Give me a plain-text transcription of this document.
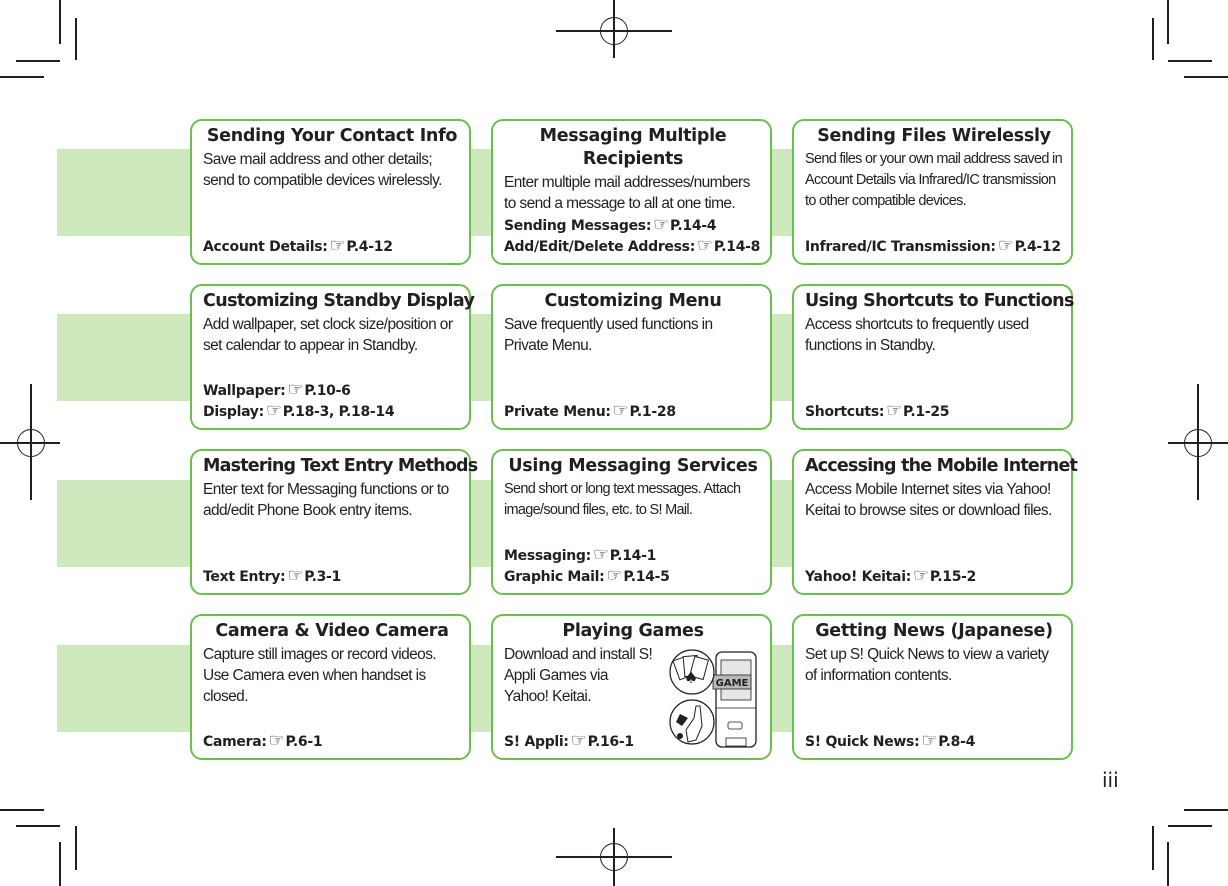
Sending Your Contact Info
Save mail address and other details; send to compatible devices wirelessly.
Account Details: ☞P.4-12
Messaging Multiple Recipients
Enter multiple mail addresses/numbers to send a message to all at one time.
Sending Messages: ☞P.14-4
Add/Edit/Delete Address: ☞P.14-8
Sending Files Wirelessly
Send files or your own mail address saved in Account Details via Infrared/IC transmission to other compatible devices.
Infrared/IC Transmission: ☞P.4-12
Customizing Standby Display
Add wallpaper, set clock size/position or set calendar to appear in Standby.
Wallpaper: ☞P.10-6
Display: ☞P.18-3, P.18-14
Customizing Menu
Save frequently used functions in Private Menu.
Private Menu: ☞P.1-28
Using Shortcuts to Functions
Access shortcuts to frequently used functions in Standby.
Shortcuts: ☞P.1-25
Mastering Text Entry Methods
Enter text for Messaging functions or to add/edit Phone Book entry items.
Text Entry: ☞P.3-1
Using Messaging Services
Send short or long text messages. Attach image/sound files, etc. to S! Mail.
Messaging: ☞P.14-1
Graphic Mail: ☞P.14-5
Accessing the Mobile Internet
Access Mobile Internet sites via Yahoo! Keitai to browse sites or download files.
Yahoo! Keitai: ☞P.15-2
Camera & Video Camera
Capture still images or record videos. Use Camera even when handset is closed.
Camera: ☞P.6-1
Playing Games
Download and install S! Appli Games via Yahoo! Keitai.
GAME
♠
S! Appli: ☞P.16-1
Getting News (Japanese)
Set up S! Quick News to view a variety of information contents.
S! Quick News: ☞P.8-4
iii
